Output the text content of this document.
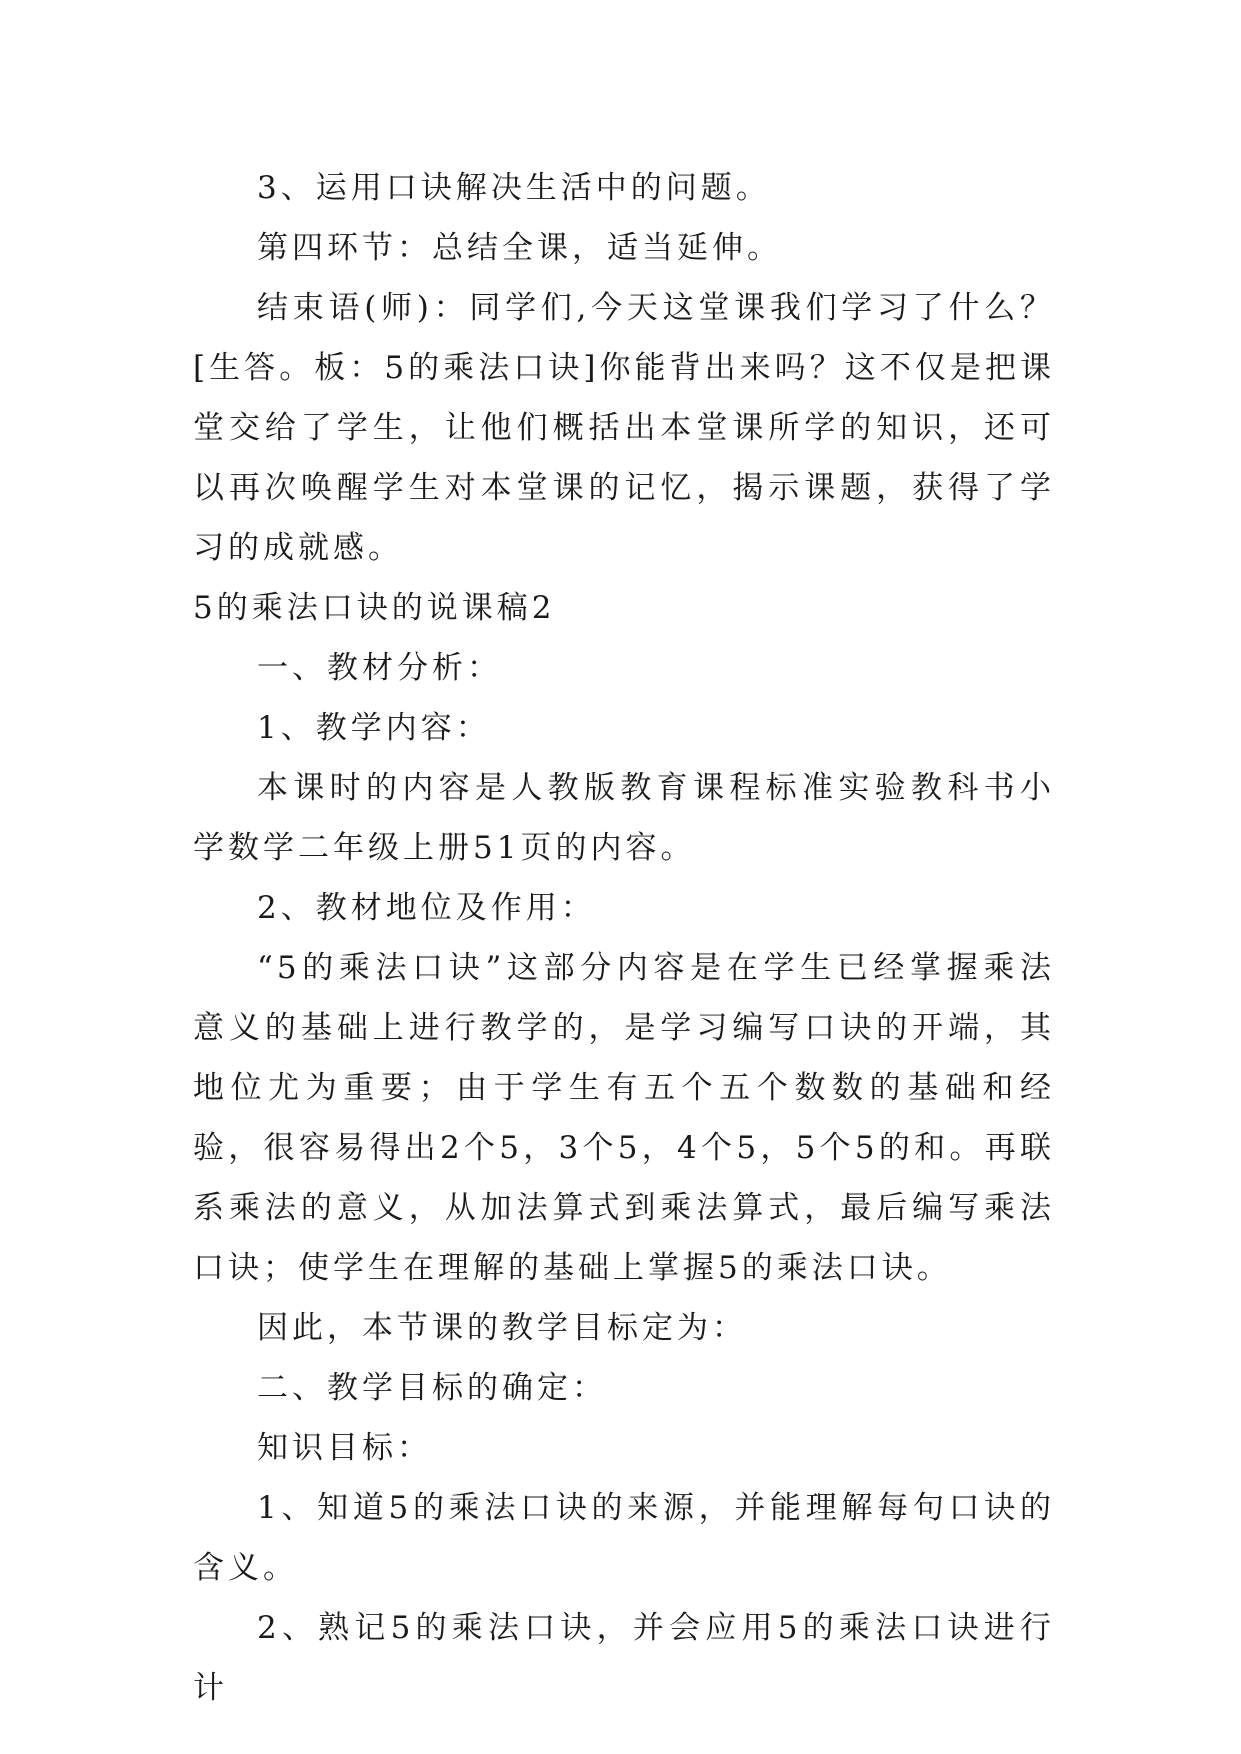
3、运用口诀解决生活中的问题。

第四环节：总结全课，适当延伸。

结束语(师)：同学们,今天这堂课我们学习了什么？[生答。板：5的乘法口诀]你能背出来吗？这不仅是把课堂交给了学生，让他们概括出本堂课所学的知识，还可以再次唤醒学生对本堂课的记忆，揭示课题，获得了学习的成就感。

5的乘法口诀的说课稿2

一、教材分析：

1、教学内容：

本课时的内容是人教版教育课程标准实验教科书小学数学二年级上册51页的内容。

2、教材地位及作用：

“5的乘法口诀”这部分内容是在学生已经掌握乘法意义的基础上进行教学的，是学习编写口诀的开端，其地位尤为重要；由于学生有五个五个数数的基础和经验，很容易得出2个5，3个5，4个5，5个5的和。再联系乘法的意义，从加法算式到乘法算式，最后编写乘法口诀；使学生在理解的基础上掌握5的乘法口诀。

因此，本节课的教学目标定为：

二、教学目标的确定：

知识目标：

1、知道5的乘法口诀的来源，并能理解每句口诀的含义。

2、熟记5的乘法口诀，并会应用5的乘法口诀进行计
